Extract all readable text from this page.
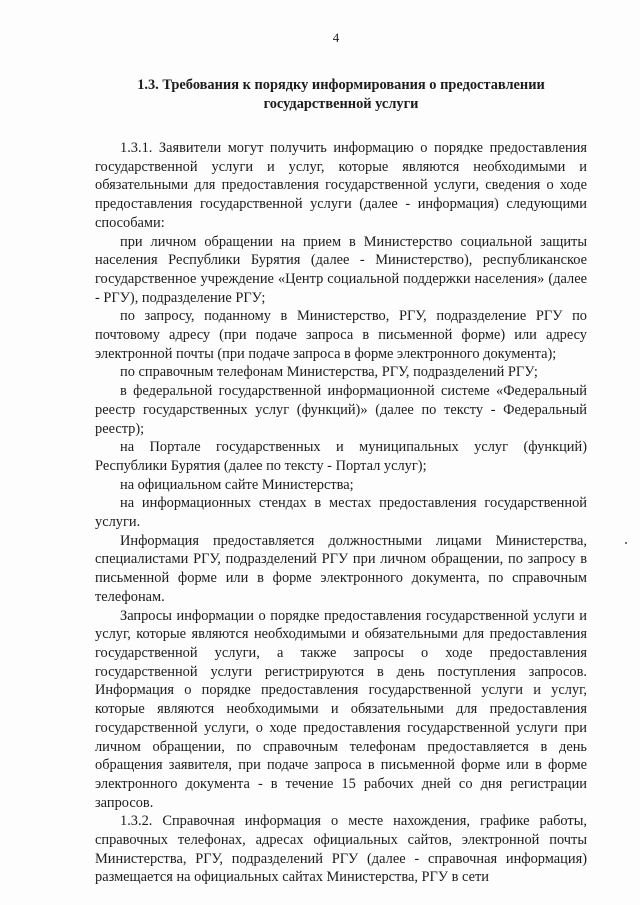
4
1.3. Требования к порядку информирования о предоставлении
государственной услуги

1.3.1. Заявители могут получить информацию о порядке предоставления государственной услуги и услуг, которые являются необходимыми и обязательными для предоставления государственной услуги, сведения о ходе предоставления государственной услуги (далее - информация) следующими способами:

при личном обращении на прием в Министерство социальной защиты населения Республики Бурятия (далее - Министерство), республиканское государственное учреждение «Центр социальной поддержки населения» (далее - РГУ), подразделение РГУ;

по запросу, поданному в Министерство, РГУ, подразделение РГУ по почтовому адресу (при подаче запроса в письменной форме) или адресу электронной почты (при подаче запроса в форме электронного документа);

по справочным телефонам Министерства, РГУ, подразделений РГУ;

в федеральной государственной информационной системе «Федеральный реестр государственных услуг (функций)» (далее по тексту - Федеральный реестр);

на Портале государственных и муниципальных услуг (функций) Республики Бурятия (далее по тексту - Портал услуг);

на официальном сайте Министерства;

на информационных стендах в местах предоставления государственной услуги.

Информация предоставляется должностными лицами Министерства, специалистами РГУ, подразделений РГУ при личном обращении, по запросу в письменной форме или в форме электронного документа, по справочным телефонам.

Запросы информации о порядке предоставления государственной услуги и услуг, которые являются необходимыми и обязательными для предоставления государственной услуги, а также запросы о ходе предоставления государственной услуги регистрируются в день поступления запросов. Информация о порядке предоставления государственной услуги и услуг, которые являются необходимыми и обязательными для предоставления государственной услуги, о ходе предоставления государственной услуги при личном обращении, по справочным телефонам предоставляется в день обращения заявителя, при подаче запроса в письменной форме или в форме электронного документа - в течение 15 рабочих дней со дня регистрации запросов.

1.3.2. Справочная информация о месте нахождения, графике работы, справочных телефонах, адресах официальных сайтов, электронной почты Министерства, РГУ, подразделений РГУ (далее - справочная информация) размещается на официальных сайтах Министерства, РГУ в сети
